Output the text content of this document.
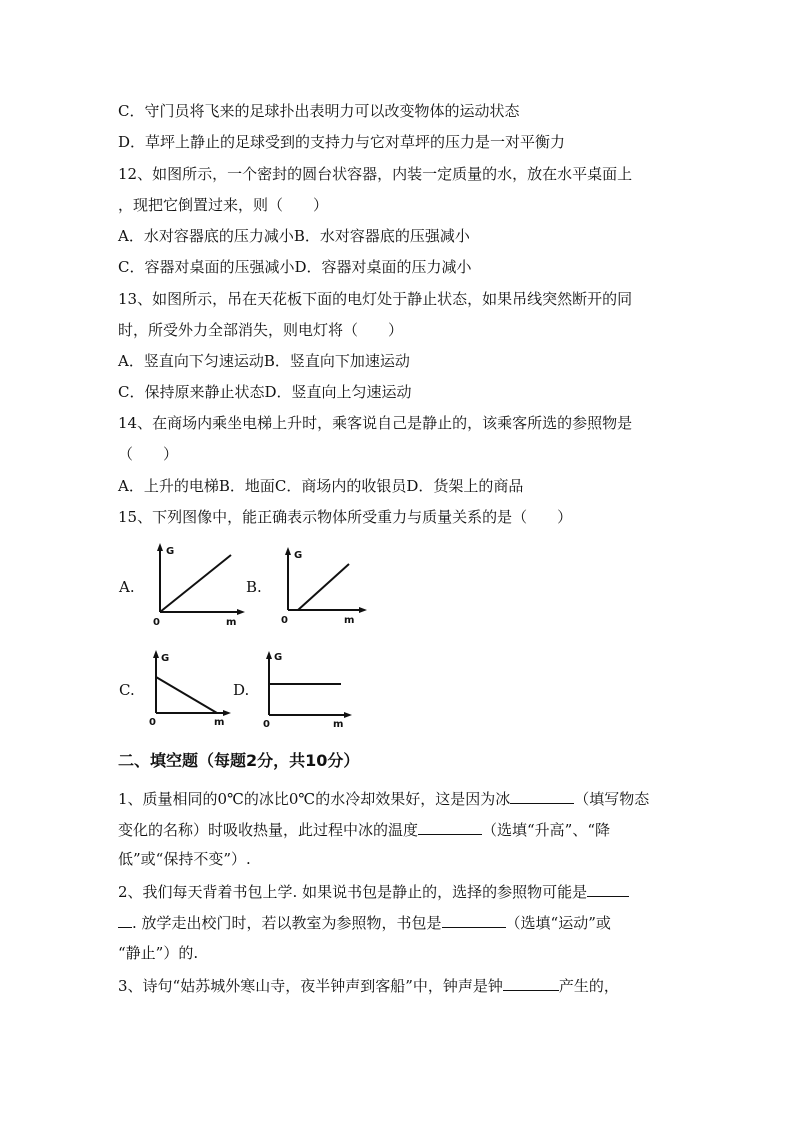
C．守门员将飞来的足球扑出表明力可以改变物体的运动状态
D．草坪上静止的足球受到的支持力与它对草坪的压力是一对平衡力
12、如图所示，一个密封的圆台状容器，内装一定质量的水，放在水平桌面上
，现把它倒置过来，则（　　）
A．水对容器底的压力减小B．水对容器底的压强减小
C．容器对桌面的压强减小D．容器对桌面的压力减小
13、如图所示，吊在天花板下面的电灯处于静止状态，如果吊线突然断开的同
时，所受外力全部消失，则电灯将（　　）
A．竖直向下匀速运动B．竖直向下加速运动
C．保持原来静止状态D．竖直向上匀速运动
14、在商场内乘坐电梯上升时，乘客说自己是静止的，该乘客所选的参照物是
（　　）
A．上升的电梯B．地面C．商场内的收银员D．货架上的商品
15、下列图像中，能正确表示物体所受重力与质量关系的是（　　）
A.
G
0	m
B.
G
0	m
C.
G
0	m
D.
G
0	m
二、填空题（每题2分，共10分）
1、质量相同的0℃的冰比0℃的水冷却效果好，这是因为冰	（填写物态
变化的名称）时吸收热量，此过程中冰的温度	（选填“升高”、“降
低”或“保持不变”）.
2、我们每天背着书包上学. 如果说书包是静止的，选择的参照物可能是
. 放学走出校门时，若以教室为参照物，书包是	（选填“运动”或
“静止”）的.
3、诗句“姑苏城外寒山寺，夜半钟声到客船”中，钟声是钟	产生的，
